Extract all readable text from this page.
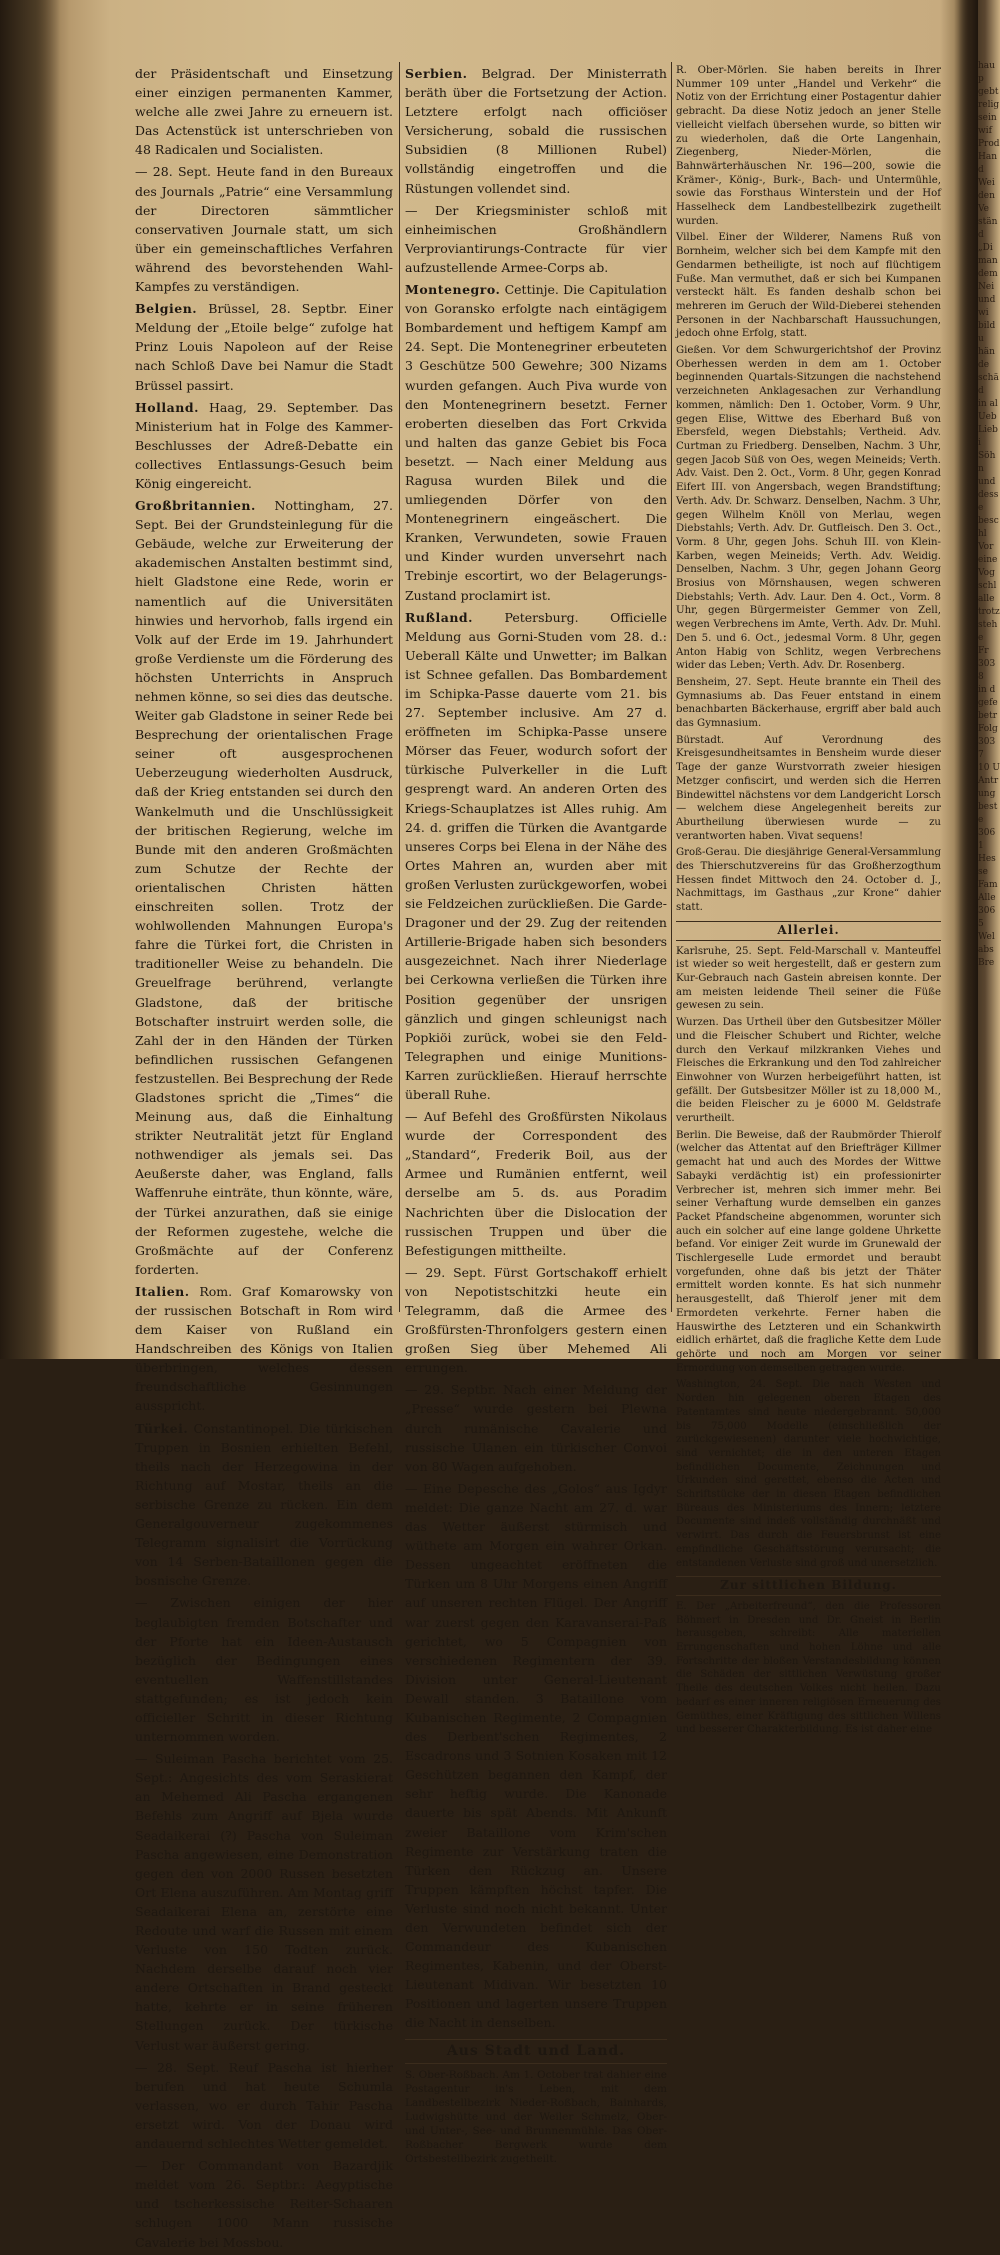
der Präsidentschaft und Einsetzung einer einzigen permanenten Kammer, welche alle zwei Jahre zu erneuern ist. Das Actenstück ist unterschrieben von 48 Radicalen und Socialisten.

— 28. Sept. Heute fand in den Bureaux des Journals „Patrie“ eine Versammlung der Directoren sämmtlicher conservativen Journale statt, um sich über ein gemeinschaftliches Verfahren während des bevorstehenden Wahl-Kampfes zu verständigen.

Belgien. Brüssel, 28. Septbr. Einer Meldung der „Etoile belge“ zufolge hat Prinz Louis Napoleon auf der Reise nach Schloß Dave bei Namur die Stadt Brüssel passirt.

Holland. Haag, 29. September. Das Ministerium hat in Folge des Kammer-Beschlusses der Adreß-Debatte ein collectives Entlassungs-Gesuch beim König eingereicht.

Großbritannien. Nottingham, 27. Sept. Bei der Grundsteinlegung für die Gebäude, welche zur Erweiterung der akademischen Anstalten bestimmt sind, hielt Gladstone eine Rede, worin er namentlich auf die Universitäten hinwies und hervorhob, falls irgend ein Volk auf der Erde im 19. Jahrhundert große Verdienste um die Förderung des höchsten Unterrichts in Anspruch nehmen könne, so sei dies das deutsche. Weiter gab Gladstone in seiner Rede bei Besprechung der orientalischen Frage seiner oft ausgesprochenen Ueberzeugung wiederholten Ausdruck, daß der Krieg entstanden sei durch den Wankelmuth und die Unschlüssigkeit der britischen Regierung, welche im Bunde mit den anderen Großmächten zum Schutze der Rechte der orientalischen Christen hätten einschreiten sollen. Trotz der wohlwollenden Mahnungen Europa's fahre die Türkei fort, die Christen in traditioneller Weise zu behandeln. Die Greuelfrage berührend, verlangte Gladstone, daß der britische Botschafter instruirt werden solle, die Zahl der in den Händen der Türken befindlichen russischen Gefangenen festzustellen. Bei Besprechung der Rede Gladstones spricht die „Times“ die Meinung aus, daß die Einhaltung strikter Neutralität jetzt für England nothwendiger als jemals sei. Das Aeußerste daher, was England, falls Waffenruhe einträte, thun könnte, wäre, der Türkei anzurathen, daß sie einige der Reformen zugestehe, welche die Großmächte auf der Conferenz forderten.

Italien. Rom. Graf Komarowsky von der russischen Botschaft in Rom wird dem Kaiser von Rußland ein Handschreiben des Königs von Italien überbringen, welches dessen freundschaftliche Gesinnungen ausspricht.

Türkei. Constantinopel. Die türkischen Truppen in Bosnien erhielten Befehl, theils nach der Herzegowina in der Richtung auf Mostar, theils an die serbische Grenze zu rücken. Ein dem Generalgouverneur zugekommenes Telegramm signalisirt die Vorrückung von 14 Serben-Bataillonen gegen die bosnische Grenze.

— Zwischen einigen der hier beglaubigten fremden Botschafter und der Pforte hat ein Ideen-Austausch bezüglich der Bedingungen eines eventuellen Waffenstillstandes stattgefunden; es ist jedoch kein officieller Schritt in dieser Richtung unternommen worden.

— Suleiman Pascha berichtet vom 25. Sept.: Angesichts des vom Seraskierat an Mehemed Ali Pascha ergangenen Befehls zum Angriff auf Bjela wurde Seadaikerai (?) Pascha von Suleiman Pascha angewiesen, eine Demonstration gegen den von 2000 Russen besetzten Ort Elena auszuführen. Am Montag griff Seadaikerai Elena an, zerstörte eine Redoute und warf die Russen mit einem Verluste von 150 Todten zurück. Nachdem derselbe darauf noch vier andere Ortschaften in Brand gesteckt hatte, kehrte er in seine früheren Stellungen zurück. Der türkische Verlust war äußerst gering.

— 28. Sept. Reuf Pascha ist hierher berufen und hat heute Schumla verlassen, wo er durch Tahir Pascha ersetzt wird. Von der Donau wird andauernd schlechtes Wetter gemeldet.

— Der Commandant von Bazardjik meldet vom 26. Septbr.: Aegyptische und tscherkessische Reiter-Schaaren schlugen 1000 Mann russische Cavalerie bei Mossbou.

Serbien. Belgrad. Der Ministerrath beräth über die Fortsetzung der Action. Letztere erfolgt nach officiöser Versicherung, sobald die russischen Subsidien (8 Millionen Rubel) vollständig eingetroffen und die Rüstungen vollendet sind.

— Der Kriegsminister schloß mit einheimischen Großhändlern Verproviantirungs-Contracte für vier aufzustellende Armee-Corps ab.

Montenegro. Cettinje. Die Capitulation von Goransko erfolgte nach eintägigem Bombardement und heftigem Kampf am 24. Sept. Die Montenegriner erbeuteten 3 Geschütze 500 Gewehre; 300 Nizams wurden gefangen. Auch Piva wurde von den Montenegrinern besetzt. Ferner eroberten dieselben das Fort Crkvida und halten das ganze Gebiet bis Foca besetzt. — Nach einer Meldung aus Ragusa wurden Bilek und die umliegenden Dörfer von den Montenegrinern eingeäschert. Die Kranken, Verwundeten, sowie Frauen und Kinder wurden unversehrt nach Trebinje escortirt, wo der Belagerungs-Zustand proclamirt ist.

Rußland.	Petersburg. Officielle Meldung aus Gorni-Studen vom 28. d.: Ueberall Kälte und Unwetter; im Balkan ist Schnee gefallen. Das Bombardement im Schipka-Passe dauerte vom 21. bis 27. September inclusive. Am 27 d. eröffneten im Schipka-Passe unsere Mörser das Feuer, wodurch sofort der türkische Pulverkeller in die Luft gesprengt ward. An anderen Orten des Kriegs-Schauplatzes ist Alles ruhig. Am 24. d. griffen die Türken die Avantgarde unseres Corps bei Elena in der Nähe des Ortes Mahren an, wurden aber mit großen Verlusten zurückgeworfen, wobei sie Feldzeichen zurückließen. Die Garde-Dragoner und der 29. Zug der reitenden Artillerie-Brigade haben sich besonders ausgezeichnet. Nach ihrer Niederlage bei Cerkowna verließen die Türken ihre Position gegenüber der unsrigen gänzlich und gingen schleunigst nach Popkiöi zurück, wobei sie den Feld-Telegraphen und einige Munitions-Karren zurückließen. Hierauf herrschte überall Ruhe.

— Auf Befehl des Großfürsten Nikolaus wurde der Correspondent des „Standard“, Frederik Boil, aus der Armee und Rumänien entfernt, weil derselbe am 5. ds. aus Poradim Nachrichten über die Dislocation der russischen Truppen und über die Befestigungen mittheilte.

— 29. Sept. Fürst Gortschakoff erhielt von Nepotistschitzki heute ein Telegramm, daß die Armee des Großfürsten-Thronfolgers gestern einen großen Sieg über Mehemed Ali errungen.

— 29. Septbr. Nach einer Meldung der „Presse“ wurde gestern bei Plewna durch rumänische Cavalerie und russische Ulanen ein türkischer Convoi von 80 Wagen aufgehoben.

— Eine Depesche des „Golos“ aus Igdyr meldet: Die ganze Nacht am 27. d. war das Wetter äußerst stürmisch und wüthete am Morgen ein wahrer Orkan. Dessen ungeachtet eröffneten die Türken um 8 Uhr Morgens einen Angriff auf unseren rechten Flügel. Der Angriff war zuerst gegen den Karavanserai-Paß gerichtet, wo 5 Compagnien von verschiedenen Regimentern der 39. Division unter General-Lieutenant Dewall standen. 3 Bataillone vom Kubanischen Regimente, 2 Compagnien des Derbent'schen Regimentes, 2 Escadrons und 3 Sotnien Kosaken mit 12 Geschützen begannen den Kampf, der sehr heftig wurde. Die Kanonade dauerte bis spät Abends. Mit Ankunft zweier Bataillone vom Krim'schen Regimente zur Verstärkung traten die Türken den Rückzug an. Unsere Truppen kämpften höchst tapfer. Die Verluste sind noch nicht bekannt. Unter den Verwundeten befindet sich der Commandeur des Kubanischen Regimentes, Kabenin, und der Oberst-Lieutenant Midivan. Wir besetzten 10 Positionen und lagerten unsere Truppen die Nacht in denselben.

Aus Stadt und Land.

S. Ober-Roßbach. Am 1. October trat dahier eine Postagentur in's Leben, mit dem Landbestellbezirk Nieder-Roßbach, Bainhards, Ludwigshütte und der Weiler Schmelz, Ober- und Unter-, See- und Brunnenmühle. Das Ober-Roßbacher Bergwerk wurde dem Ortsbestellbezirk zugetheilt.

R. Ober-Mörlen. Sie haben bereits in Ihrer Nummer 109 unter „Handel und Verkehr“ die Notiz von der Errichtung einer Postagentur dahier gebracht. Da diese Notiz jedoch an jener Stelle vielleicht vielfach übersehen wurde, so bitten wir zu wiederholen, daß die Orte Langenhain, Ziegenberg, Nieder-Mörlen, die Bahnwärterhäuschen Nr. 196—200, sowie die Krämer-, König-, Burk-, Bach- und Untermühle, sowie das Forsthaus Winterstein und der Hof Hasselheck dem Landbestellbezirk zugetheilt wurden.

Vilbel. Einer der Wilderer, Namens Ruß von Bornheim, welcher sich bei dem Kampfe mit den Gendarmen betheiligte, ist noch auf flüchtigem Fuße. Man vermuthet, daß er sich bei Kumpanen versteckt hält. Es fanden deshalb schon bei mehreren im Geruch der Wild-Dieberei stehenden Personen in der Nachbarschaft Haussuchungen, jedoch ohne Erfolg, statt.

Gießen. Vor dem Schwurgerichtshof der Provinz Oberhessen werden in dem am 1. October beginnenden Quartals-Sitzungen die nachstehend verzeichneten Anklagesachen zur Verhandlung kommen, nämlich: Den 1. October, Vorm. 9 Uhr, gegen Elise, Wittwe des Eberhard Buß von Ebersfeld, wegen Diebstahls; Vertheid. Adv. Curtman zu Friedberg. Denselben, Nachm. 3 Uhr, gegen Jacob Süß von Oes, wegen Meineids; Verth. Adv. Vaist. Den 2. Oct., Vorm. 8 Uhr, gegen Konrad Eifert III. von Angersbach, wegen Brandstiftung; Verth. Adv. Dr. Schwarz. Denselben, Nachm. 3 Uhr, gegen Wilhelm Knöll von Merlau, wegen Diebstahls; Verth. Adv. Dr. Gutfleisch. Den 3. Oct., Vorm. 8 Uhr, gegen Johs. Schuh III. von Klein-Karben, wegen Meineids; Verth. Adv. Weidig. Denselben, Nachm. 3 Uhr, gegen Johann Georg Brosius von Mörnshausen, wegen schweren Diebstahls; Verth. Adv. Laur. Den 4. Oct., Vorm. 8 Uhr, gegen Bürgermeister Gemmer von Zell, wegen Verbrechens im Amte, Verth. Adv. Dr. Muhl. Den 5. und 6. Oct., jedesmal Vorm. 8 Uhr, gegen Anton Habig von Schlitz, wegen Verbrechens wider das Leben; Verth. Adv. Dr. Rosenberg.

Bensheim, 27. Sept. Heute brannte ein Theil des Gymnasiums ab. Das Feuer entstand in einem benachbarten Bäckerhause, ergriff aber bald auch das Gymnasium.

Bürstadt. Auf Verordnung des Kreisgesundheitsamtes in Bensheim wurde dieser Tage der ganze Wurstvorrath zweier hiesigen Metzger confiscirt, und werden sich die Herren Bindewittel nächstens vor dem Landgericht Lorsch — welchem diese Angelegenheit bereits zur Aburtheilung überwiesen wurde — zu verantworten haben. Vivat sequens!

Groß-Gerau. Die diesjährige General-Versammlung des Thierschutzvereins für das Großherzogthum Hessen findet Mittwoch den 24. October d. J., Nachmittags, im Gasthaus „zur Krone“ dahier statt.

Allerlei.

Karlsruhe, 25. Sept. Feld-Marschall v. Manteuffel ist wieder so weit hergestellt, daß er gestern zum Kur-Gebrauch nach Gastein abreisen konnte. Der am meisten leidende Theil seiner die Füße gewesen zu sein.

Wurzen. Das Urtheil über den Gutsbesitzer Möller und die Fleischer Schubert und Richter, welche durch den Verkauf milzkranken Viehes und Fleisches die Erkrankung und den Tod zahlreicher Einwohner von Wurzen herbeigeführt hatten, ist gefällt. Der Gutsbesitzer Möller ist zu 18,000 M., die beiden Fleischer zu je 6000 M. Geldstrafe verurtheilt.

Berlin. Die Beweise, daß der Raubmörder Thierolf (welcher das Attentat auf den Briefträger Killmer gemacht hat und auch des Mordes der Wittwe Sabayki verdächtig ist) ein professionirter Verbrecher ist, mehren sich immer mehr. Bei seiner Verhaftung wurde demselben ein ganzes Packet Pfandscheine abgenommen, worunter sich auch ein solcher auf eine lange goldene Uhrkette befand. Vor einiger Zeit wurde im Grunewald der Tischlergeselle Lude ermordet und beraubt vorgefunden, ohne daß bis jetzt der Thäter ermittelt worden konnte. Es hat sich nunmehr herausgestellt, daß Thierolf jener mit dem Ermordeten verkehrte. Ferner haben die Hauswirthe des Letzteren und ein Schankwirth eidlich erhärtet, daß die fragliche Kette dem Lude gehörte und noch am Morgen vor seiner Ermordung von demselben getragen wurde.

Washington, 24. Sept. Die nach Westen und Norden hin gelegenen oberen Etagen des Patentamtes sind heute niedergebrannt. 50,000 bis 75,000 Modelle (einschließlich der zurückgewiesenen) darunter viele hochwichtige, sind vernichtet; die in den unteren Etagen befindlichen Documente, Zeichnungen und Urkunden sind gerettet, ebenso die Acten und Schriftstücke der in diesen Etagen befindlichen Büreaus des Ministeriums des Innern; letztere Documente sind indeß vollständig durchnäßt und verwirrt. Das durch die Feuersbrunst ist eine empfindliche Geschäftsstörung verursacht; die entstandenen Verluste sind groß und unersetzlich.

Zur sittlichen Bildung.

E. Der „Arbeiterfreund“, den die Professoren Böhmert in Dresden und Dr. Gneist in Berlin herausgeben, schreibt: Alle materiellen Errungenschaften und hohen Löhne und alle Fortschritte der bloßen Verstandesbildung können die Schäden der sittlichen Verwüstung großer Theile des deutschen Volkes nicht heilen. Dazu bedarf es einer inneren religiösen Erneuerung des Gemüthes, einer Kräftigung des sittlichen Willens und besserer Charakterbildung. Es ist daher eine

haup
gebt
relig
sein
wif
Prod
Hand
Wei
den
Ve
ständ
„Di
man
dem
Nei
und
wi
bildu
hände
schäd
in al
Ueb
Liebi
Söhn
und
desse
beschl
Vor
eine
Vog
schl
alle
trotz
stehe
Fr
3038
in d
gefe
betr
Folg
3037
10 U
Antr
ung
beste
3061
Hesse
Fam
Alle
3065
Wel
abs
Bre
